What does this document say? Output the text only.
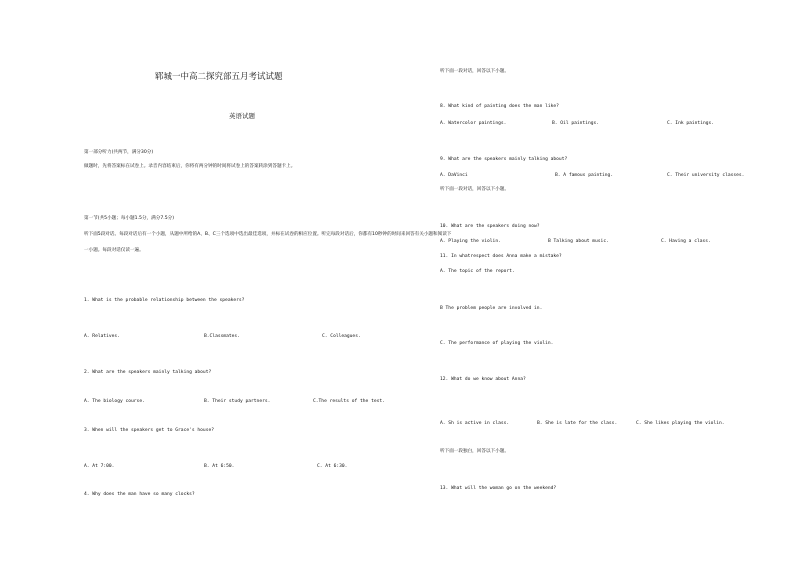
郓城一中高二探究部五月考试试题
英语试题
第一部分听力(共两节，满分30分)
做题时，先将答案标在试卷上。录音内容结束后，你将有两分钟的时间将试卷上的答案转涂到答题卡上。
第一节(共5小题；每小题1.5分，满分7.5分)
听下面5段对话。每段对话后有一个小题，从题中所给的A、B、C三个选项中选出最佳选项，并标在试卷的相应位置。听完每段对话后，你都有10秒钟的时间来回答有关小题和阅读下
一小题。每段对话仅读一遍。
1. What is the probable relationship between the speakers?
A. Relatives.	B.Classmates.	C. Colleagues.
2. What are the speakers mainly talking about?
A. The biology course.	B. Their study partners.	C.The results of the test.
3. When will the speakers get to Grace's house?
A. At 7:00.	B. At 6:50.	C. At 6:30.
4. Why does the man have so many clocks?
听下面一段对话，回答以下小题。
8. What kind of painting does the man like?
A. Watercolor paintings.	B. Oil paintings.	C. Ink paintings.
9. What are the speakers mainly talking about?
A. DaVinci	B. A famous painting.	C. Their university classes.
听下面一段对话，回答以下小题。
10. What are the speakers doing now?
A. Playing the violin.	B Talking about music.	C. Having a class.
11. In whatrespect does Anna make a mistake?
A. The topic of the report.
B The problem people are involved in.
C. The performance of playing the violin.
12. What do we know about Anna?
A. Sh is active in class.	B. She is late for the class.	C. She likes playing the violin.
听下面一段独白，回答以下小题。
13. What will the woman go on the weekend?
